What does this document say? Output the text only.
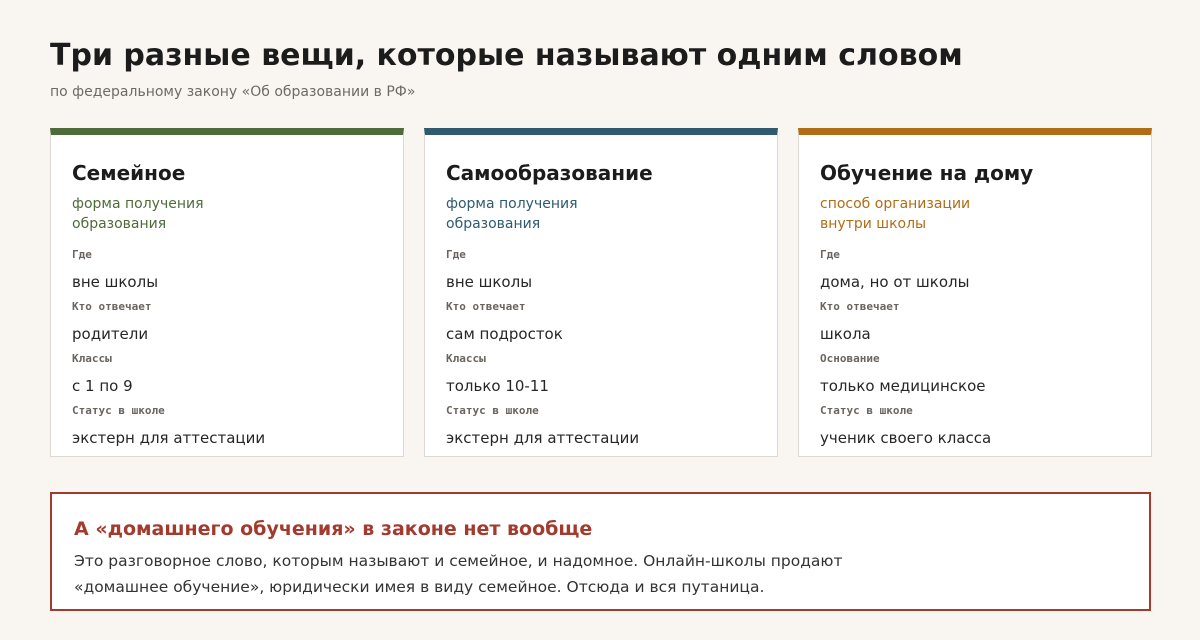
Три разные вещи, которые называют одним словом

по федеральному закону «Об образовании в РФ»

Семейное
форма получения образования
Где
вне школы
Кто отвечает
родители
Классы
с 1 по 9
Статус в школе
экстерн для аттестации
Самообразование
форма получения образования
Где
вне школы
Кто отвечает
сам подросток
Классы
только 10-11
Статус в школе
экстерн для аттестации
Обучение на дому
способ организации внутри школы
Где
дома, но от школы
Кто отвечает
школа
Основание
только медицинское
Статус в школе
ученик своего класса
А «домашнего обучения» в законе нет вообще

Это разговорное слово, которым называют и семейное, и надомное. Онлайн-школы продают «домашнее обучение», юридически имея в виду семейное. Отсюда и вся путаница.
